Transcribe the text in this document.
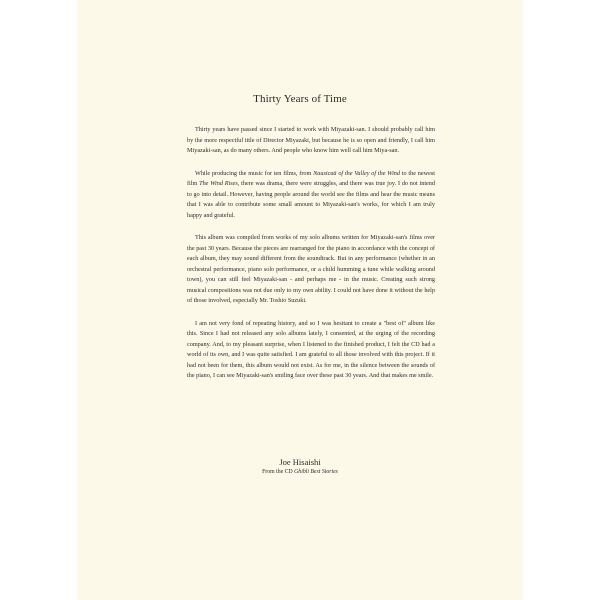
Thirty Years of Time

Thirty years have passed since I started to work with Miyazaki-san. I should probably call him by the more respectful title of Director Miyazaki, but because he is so open and friendly, I call him Miyazaki-san, as do many others. And people who know him well call him Miya-san.

While producing the music for ten films, from Nausicaä of the Valley of the Wind to the newest film The Wind Rises, there was drama, there were struggles, and there was true joy. I do not intend to go into detail. However, having people around the world see the films and hear the music means that I was able to contribute some small amount to Miyazaki-san's works, for which I am truly happy and grateful.

This album was compiled from works of my solo albums written for Miyazaki-san's films over the past 30 years. Because the pieces are rearranged for the piano in accordance with the concept of each album, they may sound different from the soundtrack. But in any performance (whether in an orchestral performance, piano solo performance, or a child humming a tune while walking around town), you can still feel Miyazaki-san - and perhaps me - in the music. Creating such strong musical compositions was not due only to my own ability. I could not have done it without the help of those involved, especially Mr. Toshio Suzuki.

I am not very fond of repeating history, and so I was hesitant to create a "best of" album like this. Since I had not released any solo albums lately, I consented, at the urging of the recording company. And, to my pleasant surprise, when I listened to the finished product, I felt the CD had a world of its own, and I was quite satisfied. I am grateful to all those involved with this project. If it had not been for them, this album would not exist. As for me, in the silence between the sounds of the piano, I can see Miyazaki-san's smiling face over these past 30 years. And that makes me smile.

Joe Hisaishi
From the CD Ghibli Best Stories
